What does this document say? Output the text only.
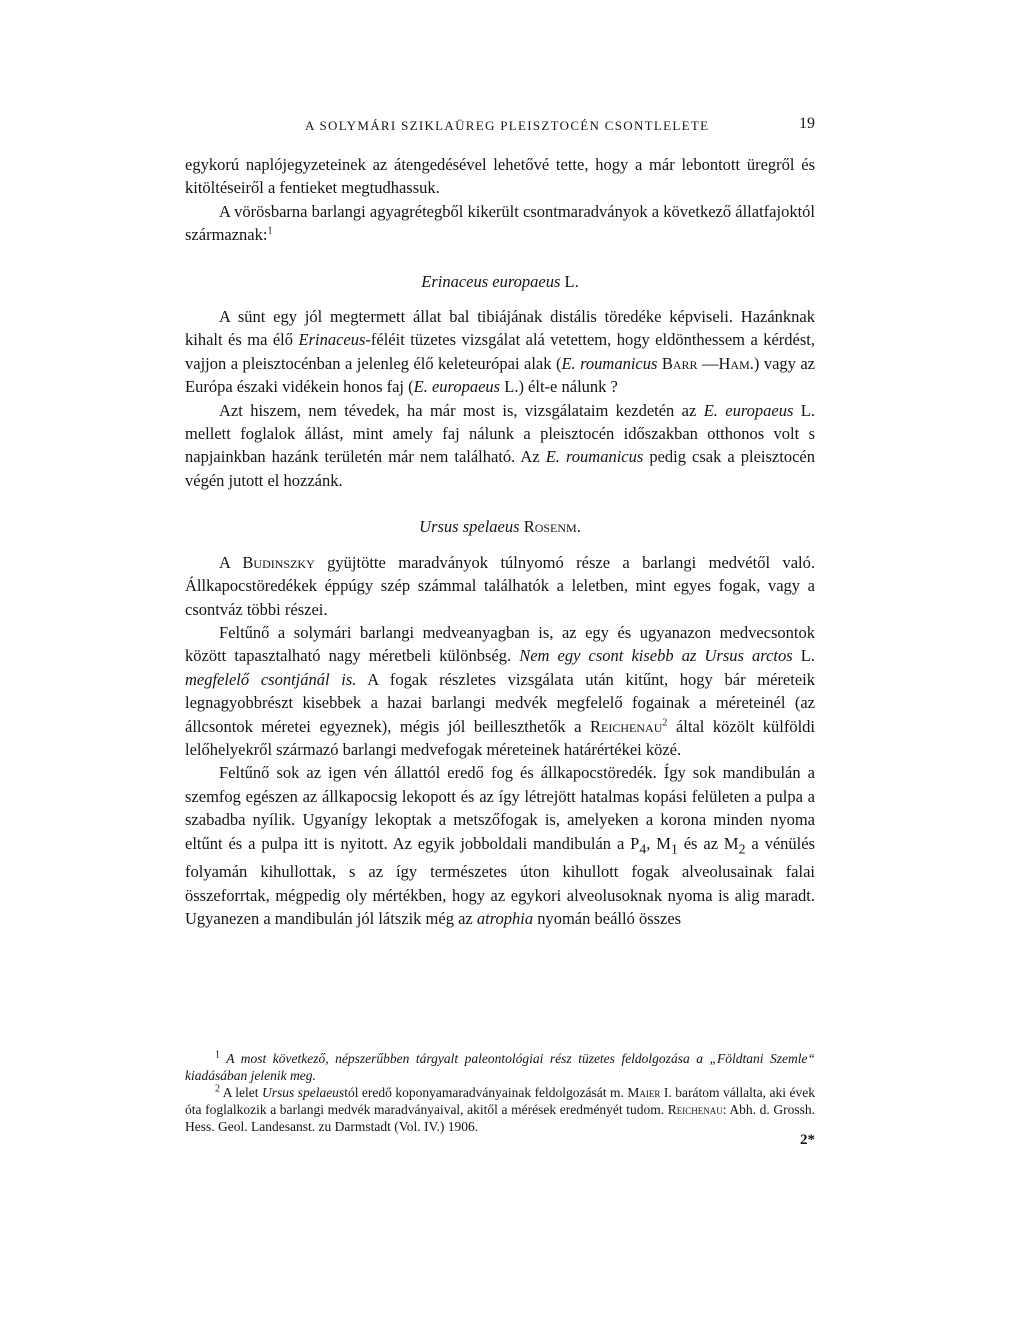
A SOLYMÁRI SZIKLAÜREG PLEISZTOCÉN CSONTLELETE	19

egykorú naplójegyzeteinek az átengedésével lehetővé tette, hogy a már lebontott üregről és kitöltéseiről a fentieket megtudhassuk.

A vörösbarna barlangi agyagrétegből kikerült csontmaradványok a következő állatfajoktól származnak:$^1$

Erinaceus europaeus L.

A sünt egy jól megtermett állat bal tibiájának distális töredéke képviseli. Hazánknak kihalt és ma élő Erinaceus-féléit tüzetes vizsgálat alá vetettem, hogy eldönthessem a kérdést, vajjon a pleisztocénban a jelenleg élő keleteurópai alak (E. roumanicus Barr —Ham.) vagy az Európa északi vidékein honos faj (E. europaeus L.) élt-e nálunk ?

Azt hiszem, nem tévedek, ha már most is, vizsgálataim kezdetén az E. europaeus L. mellett foglalok állást, mint amely faj nálunk a pleisztocén időszakban otthonos volt s napjainkban hazánk területén már nem található. Az E. roumanicus pedig csak a pleisztocén végén jutott el hozzánk.

Ursus spelaeus Rosenm.

A Budinszky gyüjtötte maradványok túlnyomó része a barlangi medvétől való. Állkapocstöredékek éppúgy szép számmal találhatók a leletben, mint egyes fogak, vagy a csontváz többi részei.

Feltűnő a solymári barlangi medveanyagban is, az egy és ugyanazon medvecsontok között tapasztalható nagy méretbeli különbség. Nem egy csont kisebb az Ursus arctos L. megfelelő csontjánál is. A fogak részletes vizsgálata után kitűnt, hogy bár méreteik legnagyobbrészt kisebbek a hazai barlangi medvék megfelelő fogainak a méreteinél (az állcsontok méretei egyeznek), mégis jól beilleszthetők a Reichenau$^2$ által közölt külföldi lelőhelyekről származó barlangi medvefogak méreteinek határértékei közé.

Feltűnő sok az igen vén állattól eredő fog és állkapocstöredék. Így sok mandibulán a szemfog egészen az állkapocsig lekopott és az így létrejött hatalmas kopási felületen a pulpa a szabadba nyílik. Ugyanígy lekoptak a metszőfogak is, amelyeken a korona minden nyoma eltűnt és a pulpa itt is nyitott. Az egyik jobboldali mandibulán a $P_4$, $M_1$ és az $M_2$ a vénülés folyamán kihullottak, s az így természetes úton kihullott fogak alveolusainak falai összeforrtak, mégpedig oly mértékben, hogy az egykori alveolusoknak nyoma is alig maradt. Ugyanezen a mandibulán jól látszik még az atrophia nyomán beálló összes

$^1$ A most következő, népszerűbben tárgyalt paleontológiai rész tüzetes feldolgozása a „Földtani Szemle“ kiadásában jelenik meg.

$^2$ A lelet Ursus spelaeustól eredő koponyamaradványainak feldolgozását m. Maier I. barátom vállalta, aki évek óta foglalkozik a barlangi medvék maradványaival, akitől a mérések eredményét tudom. Reichenau: Abh. d. Grossh. Hess. Geol. Landesanst. zu Darmstadt (Vol. IV.) 1906.

2*
